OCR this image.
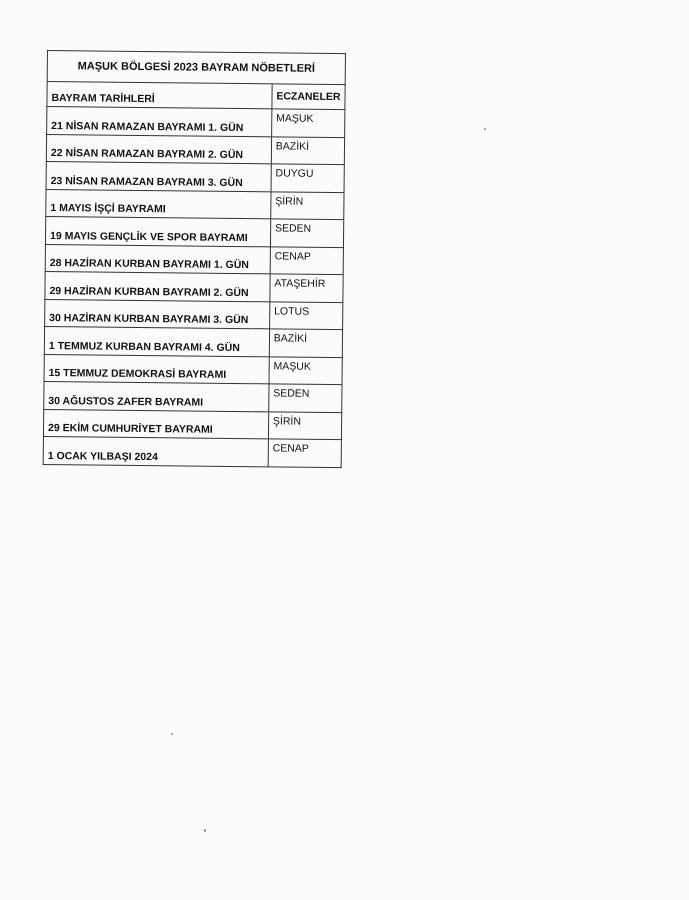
MAŞUK BÖLGESİ 2023 BAYRAM NÖBETLERİ
BAYRAM TARİHLERİ	ECZANELER
21 NİSAN RAMAZAN BAYRAMI 1. GÜN	MAŞUK
22 NİSAN RAMAZAN BAYRAMI 2. GÜN	BAZİKİ
23 NİSAN RAMAZAN BAYRAMI 3. GÜN	DUYGU
1 MAYIS İŞÇİ BAYRAMI	ŞİRİN
19 MAYIS GENÇLİK VE SPOR BAYRAMI	SEDEN
28 HAZİRAN KURBAN BAYRAMI 1. GÜN	CENAP
29 HAZİRAN KURBAN BAYRAMI 2. GÜN	ATAŞEHİR
30 HAZİRAN KURBAN BAYRAMI 3. GÜN	LOTUS
1 TEMMUZ KURBAN BAYRAMI 4. GÜN	BAZİKİ
15 TEMMUZ DEMOKRASİ BAYRAMI	MAŞUK
30 AĞUSTOS ZAFER BAYRAMI	SEDEN
29 EKİM CUMHURİYET BAYRAMI	ŞİRİN
1 OCAK YILBAŞI 2024	CENAP
